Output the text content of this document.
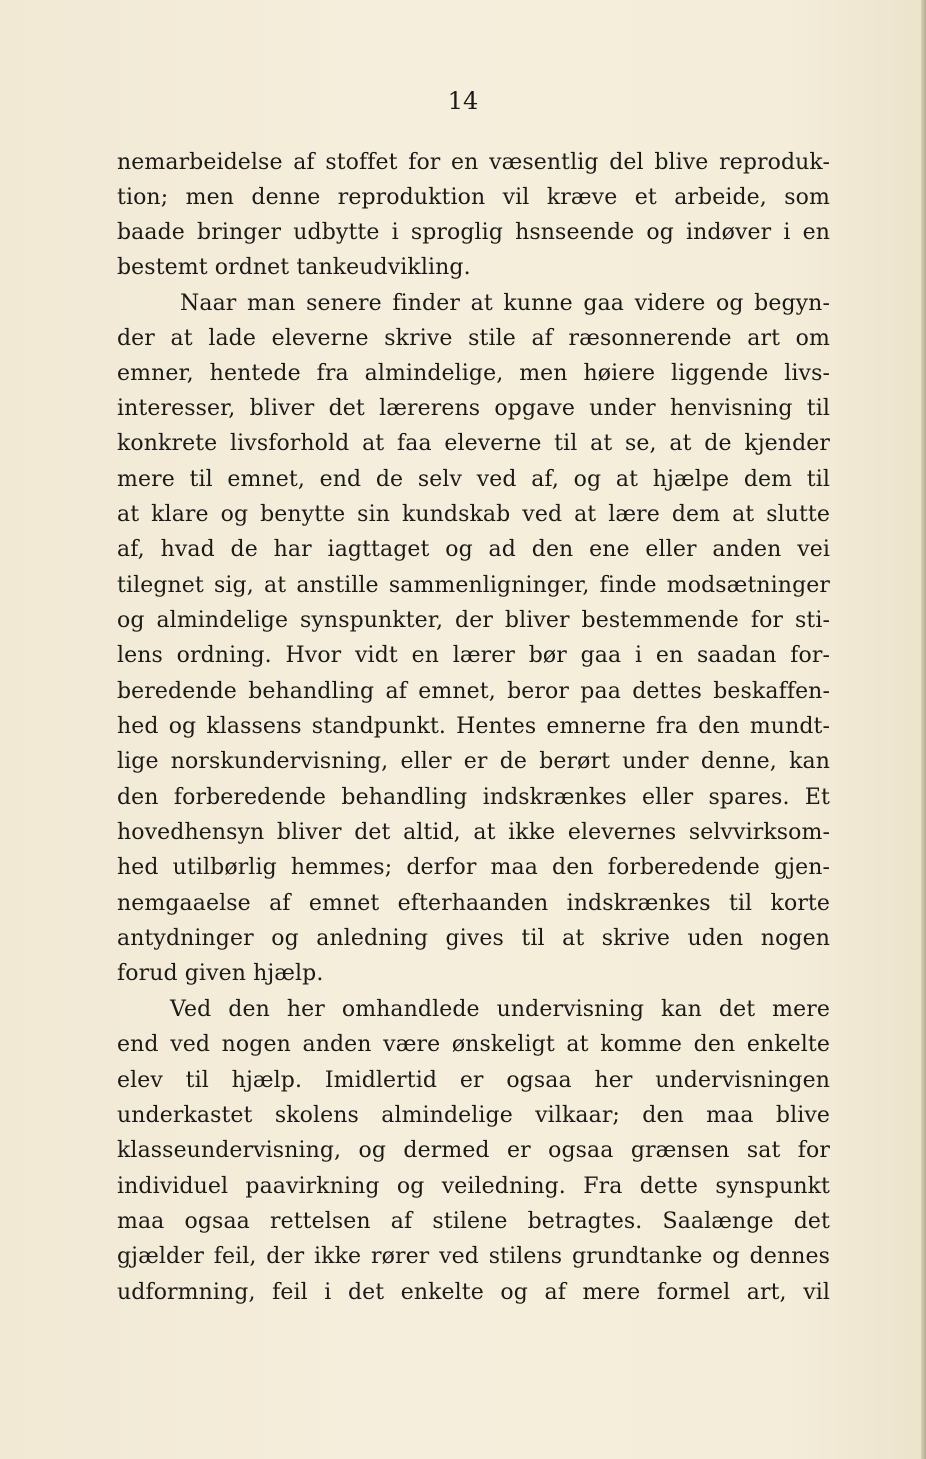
14
nemarbeidelse af stoffet for en væsentlig del blive reproduk-
tion; men denne reproduktion vil kræve et arbeide, som
baade bringer udbytte i sproglig hsnseende og indøver i en
bestemt ordnet tankeudvikling.
Naar man senere finder at kunne gaa videre og begyn-
der at lade eleverne skrive stile af ræsonnerende art om
emner, hentede fra almindelige, men høiere liggende livs-
interesser, bliver det lærerens opgave under henvisning til
konkrete livsforhold at faa eleverne til at se, at de kjender
mere til emnet, end de selv ved af, og at hjælpe dem til
at klare og benytte sin kundskab ved at lære dem at slutte
af, hvad de har iagttaget og ad den ene eller anden vei
tilegnet sig, at anstille sammenligninger, finde modsætninger
og almindelige synspunkter, der bliver bestemmende for sti-
lens ordning. Hvor vidt en lærer bør gaa i en saadan for-
beredende behandling af emnet, beror paa dettes beskaffen-
hed og klassens standpunkt. Hentes emnerne fra den mundt-
lige norskundervisning, eller er de berørt under denne, kan
den forberedende behandling indskrænkes eller spares. Et
hovedhensyn bliver det altid, at ikke elevernes selvvirksom-
hed utilbørlig hemmes; derfor maa den forberedende gjen-
nemgaaelse af emnet efterhaanden indskrænkes til korte
antydninger og anledning gives til at skrive uden nogen
forud given hjælp.
Ved den her omhandlede undervisning kan det mere
end ved nogen anden være ønskeligt at komme den enkelte
elev til hjælp. Imidlertid er ogsaa her undervisningen
underkastet skolens almindelige vilkaar; den maa blive
klasseundervisning, og dermed er ogsaa grænsen sat for
individuel paavirkning og veiledning. Fra dette synspunkt
maa ogsaa rettelsen af stilene betragtes. Saalænge det
gjælder feil, der ikke rører ved stilens grundtanke og dennes
udformning, feil i det enkelte og af mere formel art, vil
